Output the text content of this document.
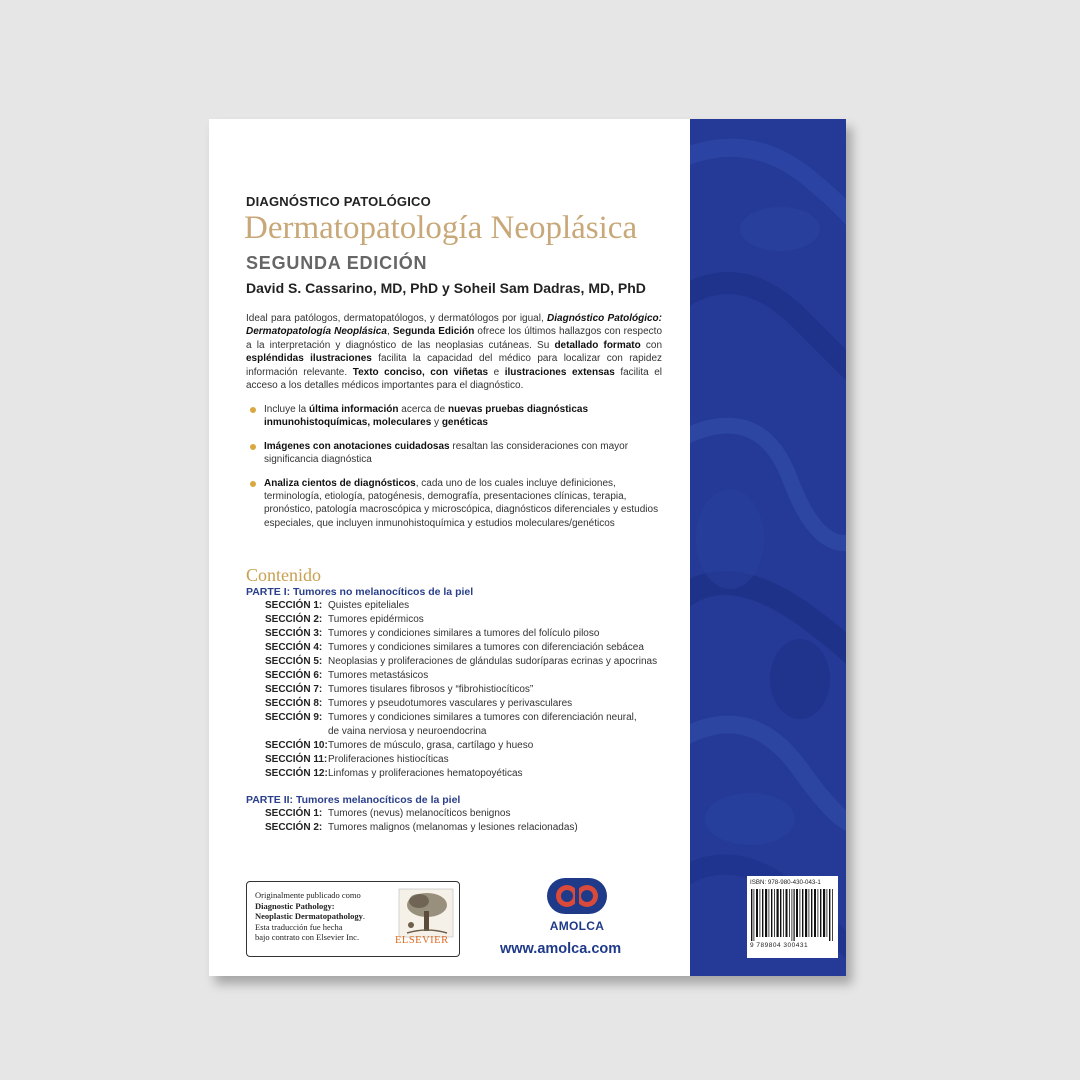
DIAGNÓSTICO PATOLÓGICO
Dermatopatología Neoplásica
SEGUNDA EDICIÓN
David S. Cassarino, MD, PhD y Soheil Sam Dadras, MD, PhD

Ideal para patólogos, dermatopatólogos, y dermatólogos por igual, Diagnóstico Patológico: Dermatopatología Neoplásica, Segunda Edición ofrece los últimos hallazgos con respecto a la interpretación y diagnóstico de las neoplasias cutáneas. Su detallado formato con espléndidas ilustraciones facilita la capacidad del médico para localizar con rapidez información relevante. Texto conciso, con viñetas e ilustraciones extensas facilita el acceso a los detalles médicos importantes para el diagnóstico.

Incluye la última información acerca de nuevas pruebas diagnósticas inmunohistoquímicas, moleculares y genéticas
Imágenes con anotaciones cuidadosas resaltan las consideraciones con mayor significancia diagnóstica
Analiza cientos de diagnósticos, cada uno de los cuales incluye definiciones, terminología, etiología, patogénesis, demografía, presentaciones clínicas, terapia, pronóstico, patología macroscópica y microscópica, diagnósticos diferenciales y estudios especiales, que incluyen inmunohistoquímica y estudios moleculares/genéticos
Contenido
PARTE I: Tumores no melanocíticos de la piel
SECCIÓN 1: Quistes epiteliales
SECCIÓN 2: Tumores epidérmicos
SECCIÓN 3: Tumores y condiciones similares a tumores del folículo piloso
SECCIÓN 4: Tumores y condiciones similares a tumores con diferenciación sebácea
SECCIÓN 5: Neoplasias y proliferaciones de glándulas sudoríparas ecrinas y apocrinas
SECCIÓN 6: Tumores metastásicos
SECCIÓN 7: Tumores tisulares fibrosos y “fibrohistiocíticos”
SECCIÓN 8: Tumores y pseudotumores vasculares y perivasculares
SECCIÓN 9: Tumores y condiciones similares a tumores con diferenciación neural,
de vaina nerviosa y neuroendocrina
SECCIÓN 10: Tumores de músculo, grasa, cartílago y hueso
SECCIÓN 11: Proliferaciones histiocíticas
SECCIÓN 12: Linfomas y proliferaciones hematopoyéticas
PARTE II: Tumores melanocíticos de la piel
SECCIÓN 1: Tumores (nevus) melanocíticos benignos
SECCIÓN 2: Tumores malignos (melanomas y lesiones relacionadas)
Originalmente publicado como
Diagnostic Pathology:
Neoplastic Dermatopathology.
Esta traducción fue hecha
bajo contrato con Elsevier Inc.	ELSEVIER
AMOLCA
www.amolca.com
ISBN: 978-980-430-043-1
9 789804 300431
